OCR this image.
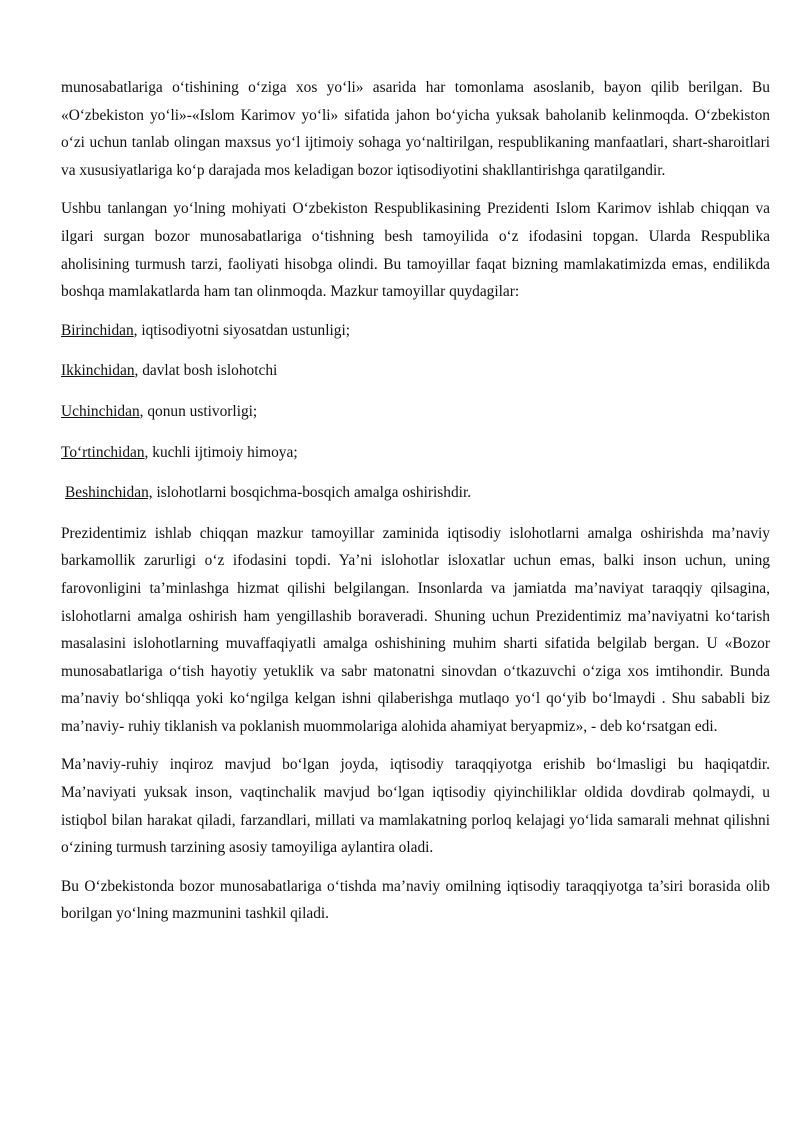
munosabatlariga o‘tishining o‘ziga xos yo‘li» asarida har tomonlama asoslanib, bayon qilib berilgan. Bu «O‘zbekiston yo‘li»-«Islom Karimov yo‘li» sifatida jahon bo‘yicha yuksak baholanib kelinmoqda. O‘zbekiston o‘zi uchun tanlab olingan maxsus yo‘l ijtimoiy sohaga yo‘naltirilgan, respublikaning manfaatlari, shart-sharoitlari va xususiyatlariga ko‘p darajada mos keladigan bozor iqtisodiyotini shakllantirishga qaratilgandir.

Ushbu tanlangan yo‘lning mohiyati O‘zbekiston Respublikasining Prezidenti Islom Karimov ishlab chiqqan va ilgari surgan bozor munosabatlariga o‘tishning besh tamoyilida o‘z ifodasini topgan. Ularda Respublika aholisining turmush tarzi, faoliyati hisobga olindi. Bu tamoyillar faqat bizning mamlakatimizda emas, endilikda boshqa mamlakatlarda ham tan olinmoqda. Mazkur tamoyillar quydagilar:

Birinchidan, iqtisodiyotni siyosatdan ustunligi;
Ikkinchidan, davlat bosh islohotchi
Uchinchidan, qonun ustivorligi;
To‘rtinchidan, kuchli ijtimoiy himoya;
Beshinchidan, islohotlarni bosqichma-bosqich amalga oshirishdir.

Prezidentimiz ishlab chiqqan mazkur tamoyillar zaminida iqtisodiy islohotlarni amalga oshirishda ma’naviy barkamollik zarurligi o‘z ifodasini topdi. Ya’ni islohotlar isloxatlar uchun emas, balki inson uchun, uning farovonligini ta’minlashga hizmat qilishi belgilangan. Insonlarda va jamiatda ma’naviyat taraqqiy qilsagina, islohotlarni amalga oshirish ham yengillashib boraveradi. Shuning uchun Prezidentimiz ma’naviyatni ko‘tarish masalasini islohotlarning muvaffaqiyatli amalga oshishining muhim sharti sifatida belgilab bergan. U «Bozor munosabatlariga o‘tish hayotiy yetuklik va sabr matonatni sinovdan o‘tkazuvchi o‘ziga xos imtihondir. Bunda ma’naviy bo‘shliqqa yoki ko‘ngilga kelgan ishni qilaberishga mutlaqo yo‘l qo‘yib bo‘lmaydi . Shu sababli biz ma’naviy- ruhiy tiklanish va poklanish muommolariga alohida ahamiyat beryapmiz», - deb ko‘rsatgan edi.

Ma’naviy-ruhiy inqiroz mavjud bo‘lgan joyda, iqtisodiy taraqqiyotga erishib bo‘lmasligi bu haqiqatdir. Ma’naviyati yuksak inson, vaqtinchalik mavjud bo‘lgan iqtisodiy qiyinchiliklar oldida dovdirab qolmaydi, u istiqbol bilan harakat qiladi, farzandlari, millati va mamlakatning porloq kelajagi yo‘lida samarali mehnat qilishni o‘zining turmush tarzining asosiy tamoyiliga aylantira oladi.

Bu O‘zbekistonda bozor munosabatlariga o‘tishda ma’naviy omilning iqtisodiy taraqqiyotga ta’siri borasida olib borilgan yo‘lning mazmunini tashkil qiladi.
